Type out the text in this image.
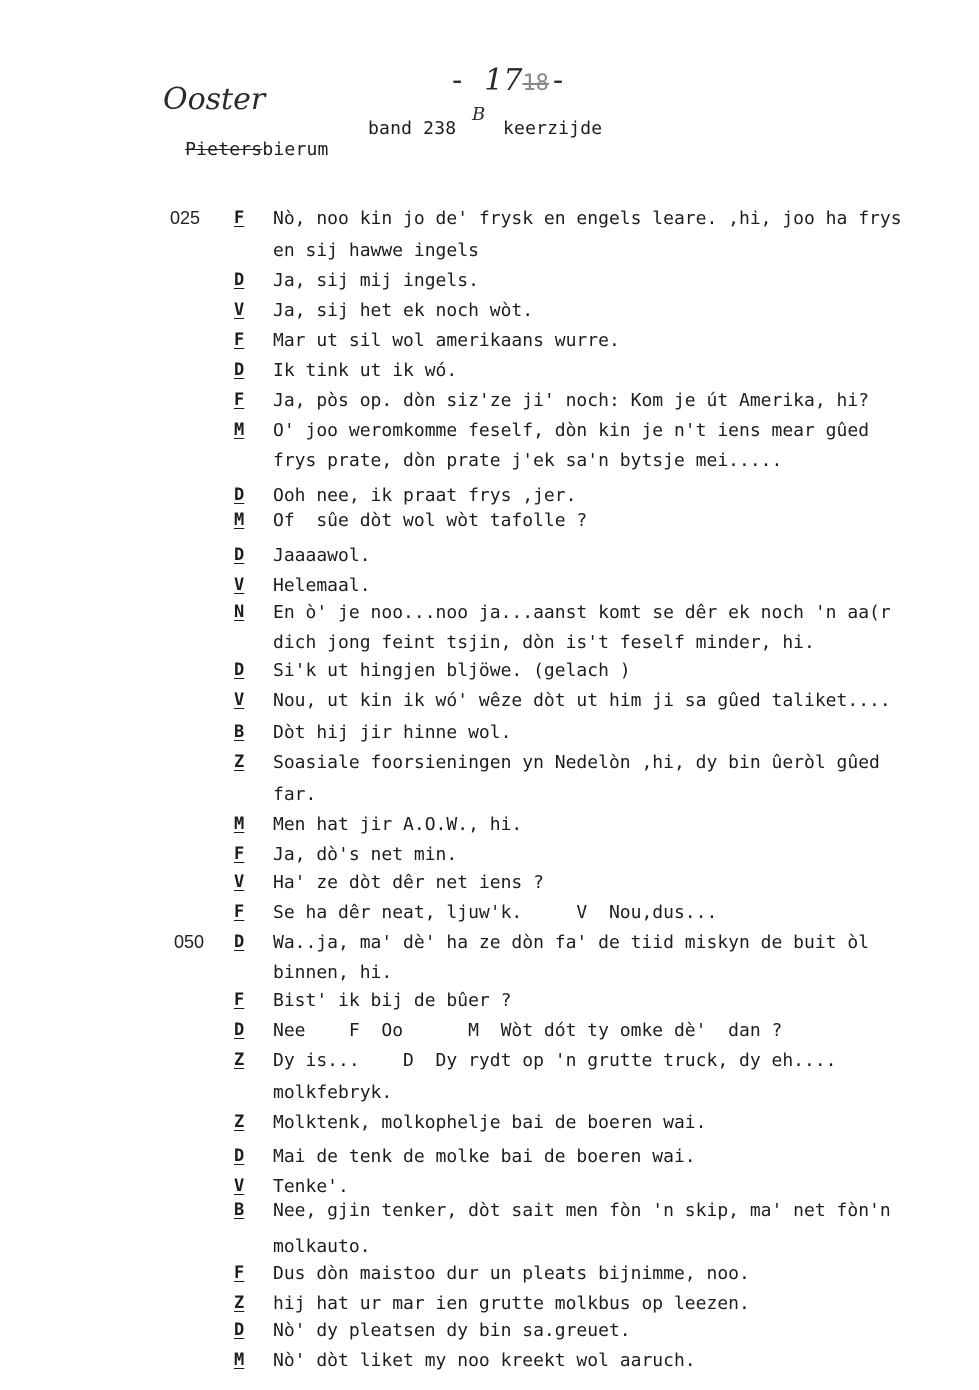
- 1718-

Ooster

Pietersbierum

band 238
B
keerzijde
025 F Nò, noo kin jo de' frysk en engels leare. ,hi, joo ha frys
en sij hawwe ingels
D Ja, sij mij ingels.
V Ja, sij het ek noch wòt.
F Mar ut sil wol amerikaans wurre.
D Ik tink ut ik wó.
F Ja, pòs op. dòn siz'ze ji' noch: Kom je út Amerika, hi?
M O' joo weromkomme feself, dòn kin je n't iens mear gûed
frys prate, dòn prate j'ek sa'n bytsje mei.....
D Ooh nee, ik praat frys ,jer.
M Of  sûe dòt wol wòt tafolle ?
D Jaaaawol.
V Helemaal.
N En ò' je noo...noo ja...aanst komt se dêr ek noch 'n aa(r
dich jong feint tsjin, dòn is't feself minder, hi.
D Si'k ut hingjen bljöwe. (gelach )
V Nou, ut kin ik wó' wêze dòt ut him ji sa gûed taliket....
B Dòt hij jir hinne wol.
Z Soasiale foorsieningen yn Nedelòn ,hi, dy bin ûeròl gûed
far.
M Men hat jir A.O.W., hi.
F Ja, dò's net min.
V Ha' ze dòt dêr net iens ?
F Se ha dêr neat, ljuw'k.     V  Nou,dus...
050 D Wa..ja, ma' dè' ha ze dòn fa' de tiid miskyn de buit òl
binnen, hi.
F Bist' ik bij de bûer ?
D Nee    F  Oo      M  Wòt dót ty omke dè'  dan ?
Z Dy is...    D  Dy rydt op 'n grutte truck, dy eh....
molkfebryk.
Z Molktenk, molkophelje bai de boeren wai.
D Mai de tenk de molke bai de boeren wai.
V Tenke'.
B Nee, gjin tenker, dòt sait men fòn 'n skip, ma' net fòn'n
molkauto.
F Dus dòn maistoo dur un pleats bijnimme, noo.
Z hij hat ur mar ien grutte molkbus op leezen.
D Nò' dy pleatsen dy bin sa.greuet.
M Nò' dòt liket my noo kreekt wol aaruch.
